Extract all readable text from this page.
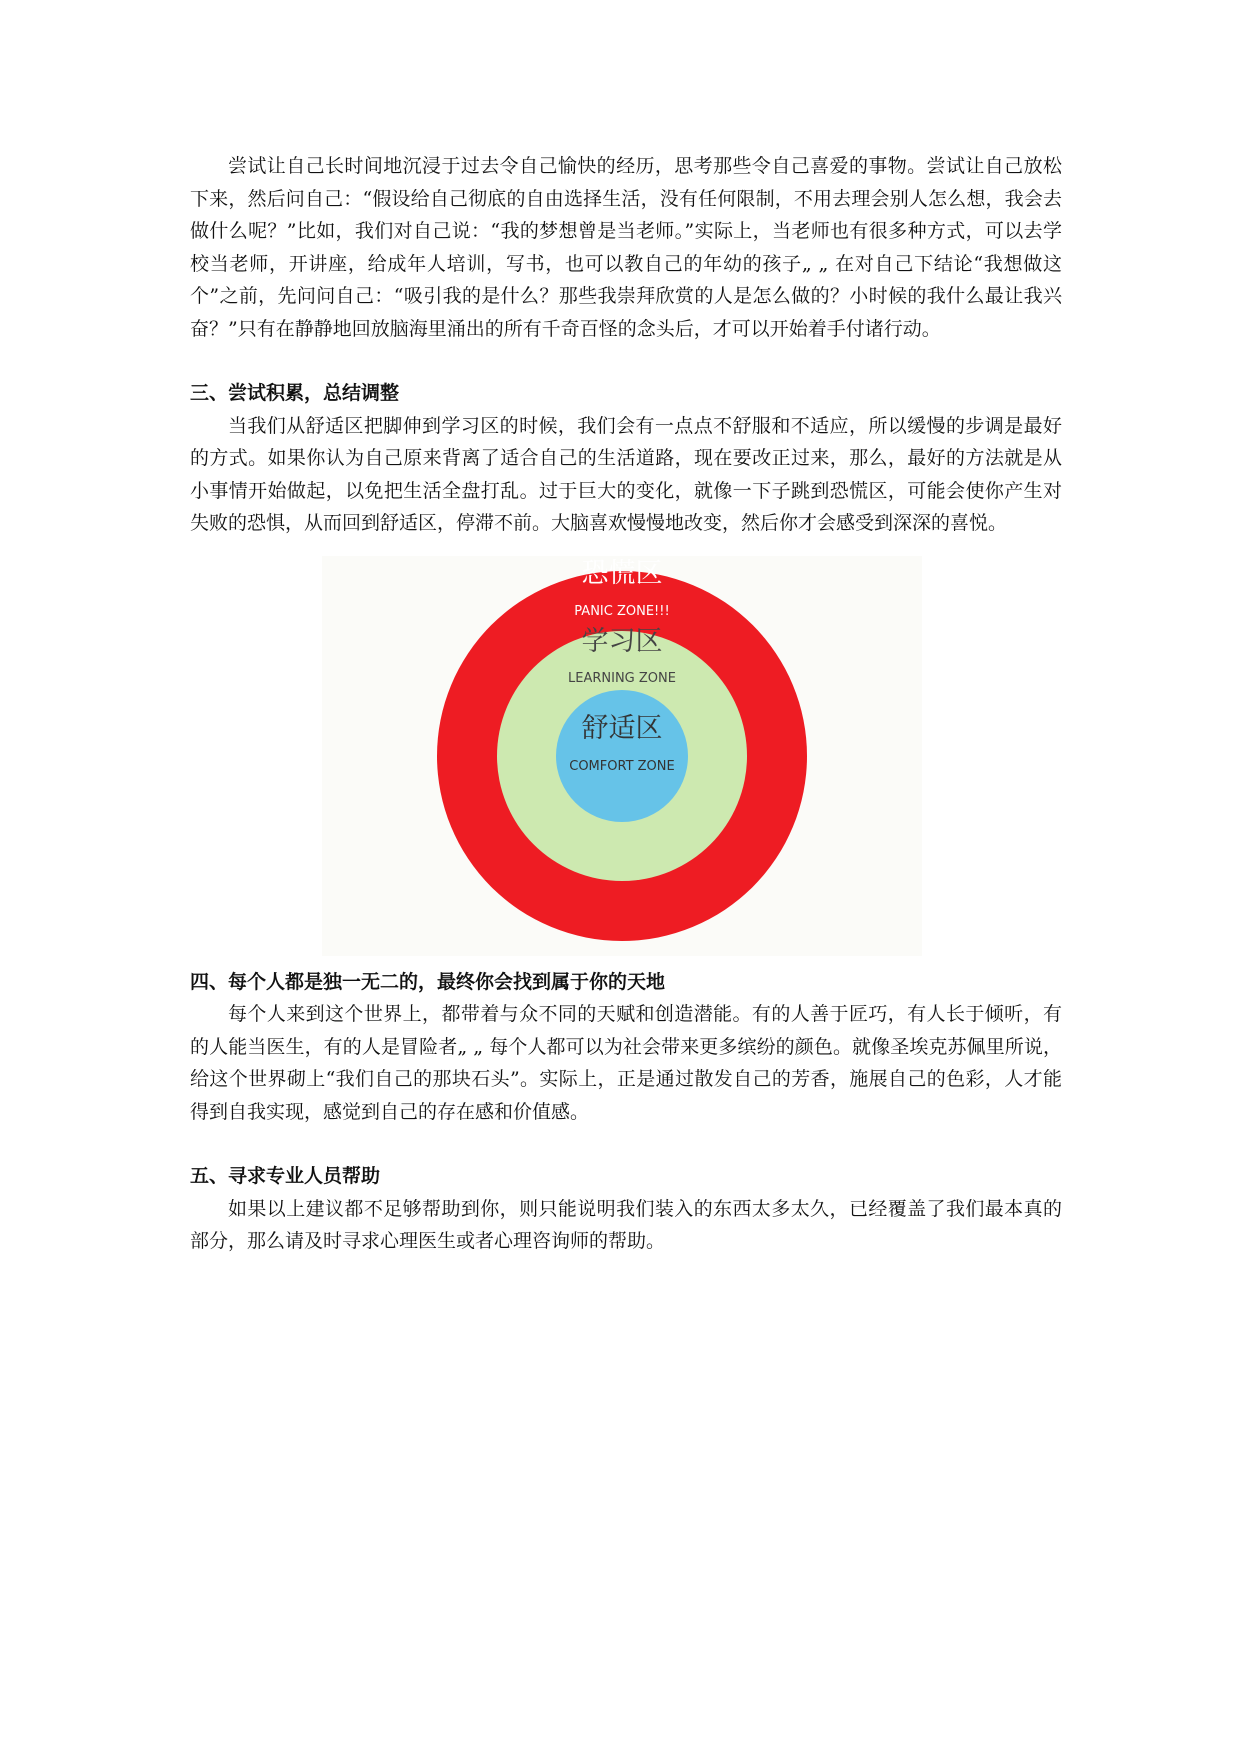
尝试让自己长时间地沉浸于过去令自己愉快的经历，思考那些令自己喜爱的事物。尝试让自己放松下来，然后问自己：“假设给自己彻底的自由选择生活，没有任何限制，不用去理会别人怎么想，我会去做什么呢？”比如，我们对自己说：“我的梦想曾是当老师。”实际上，当老师也有很多种方式，可以去学校当老师，开讲座，给成年人培训，写书，也可以教自己的年幼的孩子„ „ 在对自己下结论“我想做这个”之前，先问问自己：“吸引我的是什么？那些我崇拜欣赏的人是怎么做的？小时候的我什么最让我兴奋？”只有在静静地回放脑海里涌出的所有千奇百怪的念头后，才可以开始着手付诸行动。

三、尝试积累，总结调整

当我们从舒适区把脚伸到学习区的时候，我们会有一点点不舒服和不适应，所以缓慢的步调是最好的方式。如果你认为自己原来背离了适合自己的生活道路，现在要改正过来，那么，最好的方法就是从小事情开始做起，以免把生活全盘打乱。过于巨大的变化，就像一下子跳到恐慌区，可能会使你产生对失败的恐惧，从而回到舒适区，停滞不前。大脑喜欢慢慢地改变，然后你才会感受到深深的喜悦。

恐慌区
PANIC ZONE!!!
学习区
LEARNING ZONE
舒适区
COMFORT ZONE
四、每个人都是独一无二的，最终你会找到属于你的天地

每个人来到这个世界上，都带着与众不同的天赋和创造潜能。有的人善于匠巧，有人长于倾听，有的人能当医生，有的人是冒险者„ „ 每个人都可以为社会带来更多缤纷的颜色。就像圣埃克苏佩里所说，给这个世界砌上“我们自己的那块石头”。实际上，正是通过散发自己的芳香，施展自己的色彩，人才能得到自我实现，感觉到自己的存在感和价值感。

五、寻求专业人员帮助

如果以上建议都不足够帮助到你，则只能说明我们装入的东西太多太久，已经覆盖了我们最本真的部分，那么请及时寻求心理医生或者心理咨询师的帮助。
